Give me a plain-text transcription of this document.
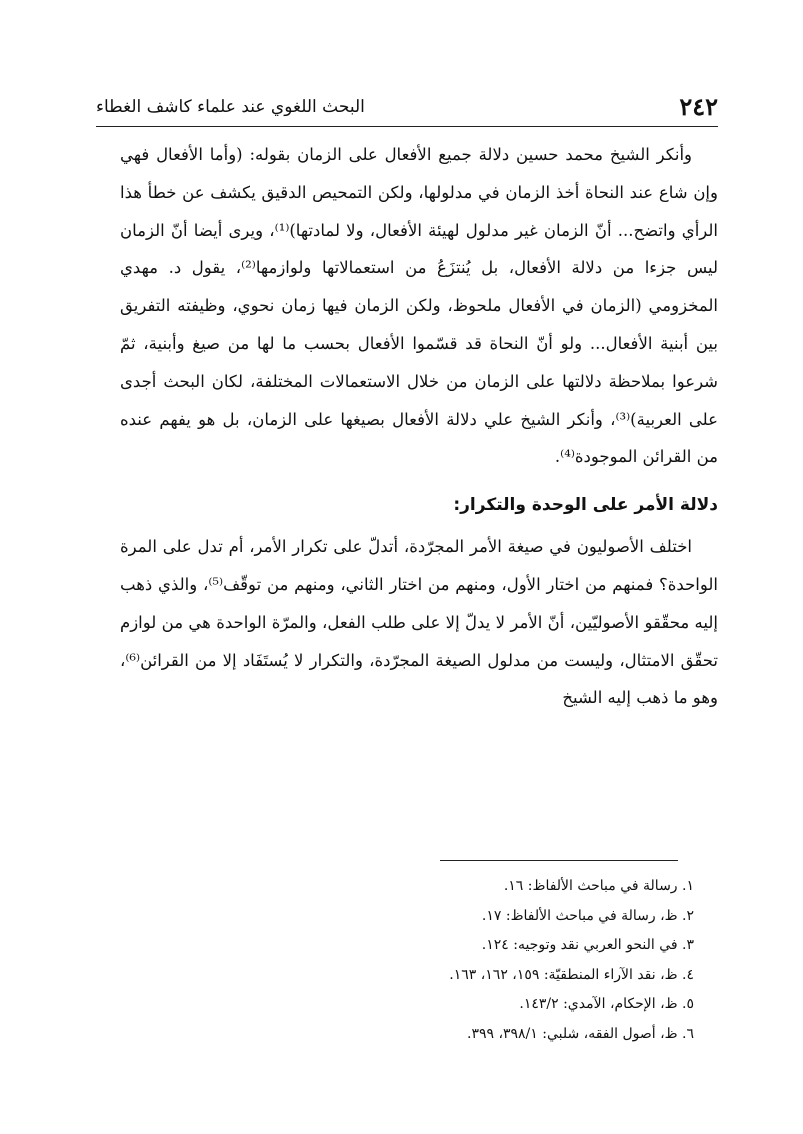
٢٤٢
البحث اللغوي عند علماء كاشف الغطاء

وأنكر الشيخ محمد حسين دلالة جميع الأفعال على الزمان بقوله: (وأما الأفعال فهي وإن شاع عند النحاة أخذ الزمان في مدلولها، ولكن التمحيص الدقيق يكشف عن خطأ هذا الرأي واتضح... أنّ الزمان غير مدلول لهيئة الأفعال، ولا لمادتها)⁽¹⁾، ويرى أيضا أنّ الزمان ليس جزءا من دلالة الأفعال، بل يُنتزَعُ من استعمالاتها ولوازمها⁽²⁾، يقول د. مهدي المخزومي (الزمان في الأفعال ملحوظ، ولكن الزمان فيها زمان نحوي، وظيفته التفريق بين أبنية الأفعال... ولو أنّ النحاة قد قسّموا الأفعال بحسب ما لها من صيغ وأبنية، ثمّ شرعوا بملاحظة دلالتها على الزمان من خلال الاستعمالات المختلفة، لكان البحث أجدى على العربية)⁽³⁾، وأنكر الشيخ علي دلالة الأفعال بصيغها على الزمان، بل هو يفهم عنده من القرائن الموجودة⁽⁴⁾.

دلالة الأمر على الوحدة والتكرار:

اختلف الأصوليون في صيغة الأمر المجرّدة، أتدلّ على تكرار الأمر، أم تدل على المرة الواحدة؟ فمنهم من اختار الأول، ومنهم من اختار الثاني، ومنهم من توقّف⁽⁵⁾، والذي ذهب إليه محقّقو الأصوليّين، أنّ الأمر لا يدلّ إلا على طلب الفعل، والمرّة الواحدة هي من لوازم تحقّق الامتثال، وليست من مدلول الصيغة المجرّدة، والتكرار لا يُستَفَاد إلا من القرائن⁽⁶⁾، وهو ما ذهب إليه الشيخ

١. رسالة في مباحث الألفاظ: ١٦.
٢. ظ، رسالة في مباحث الألفاظ: ١٧.
٣. في النحو العربي نقد وتوجيه: ١٢٤.
٤. ظ، نقد الآراء المنطقيّة: ١٥٩، ١٦٢، ١٦٣.
٥. ظ، الإحكام، الآمدي: ١٤٣/٢.
٦. ظ، أصول الفقه، شلبي: ٣٩٨/١، ٣٩٩.
